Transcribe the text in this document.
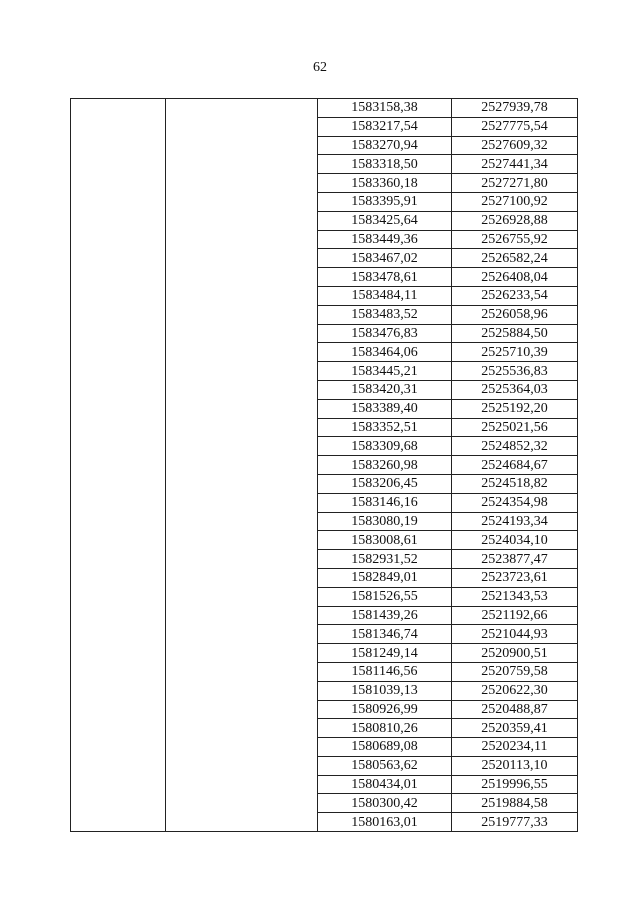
62
		1583158,38	2527939,78
		1583217,54	2527775,54
		1583270,94	2527609,32
		1583318,50	2527441,34
		1583360,18	2527271,80
		1583395,91	2527100,92
		1583425,64	2526928,88
		1583449,36	2526755,92
		1583467,02	2526582,24
		1583478,61	2526408,04
		1583484,11	2526233,54
		1583483,52	2526058,96
		1583476,83	2525884,50
		1583464,06	2525710,39
		1583445,21	2525536,83
		1583420,31	2525364,03
		1583389,40	2525192,20
		1583352,51	2525021,56
		1583309,68	2524852,32
		1583260,98	2524684,67
		1583206,45	2524518,82
		1583146,16	2524354,98
		1583080,19	2524193,34
		1583008,61	2524034,10
		1582931,52	2523877,47
		1582849,01	2523723,61
		1581526,55	2521343,53
		1581439,26	2521192,66
		1581346,74	2521044,93
		1581249,14	2520900,51
		1581146,56	2520759,58
		1581039,13	2520622,30
		1580926,99	2520488,87
		1580810,26	2520359,41
		1580689,08	2520234,11
		1580563,62	2520113,10
		1580434,01	2519996,55
		1580300,42	2519884,58
		1580163,01	2519777,33
